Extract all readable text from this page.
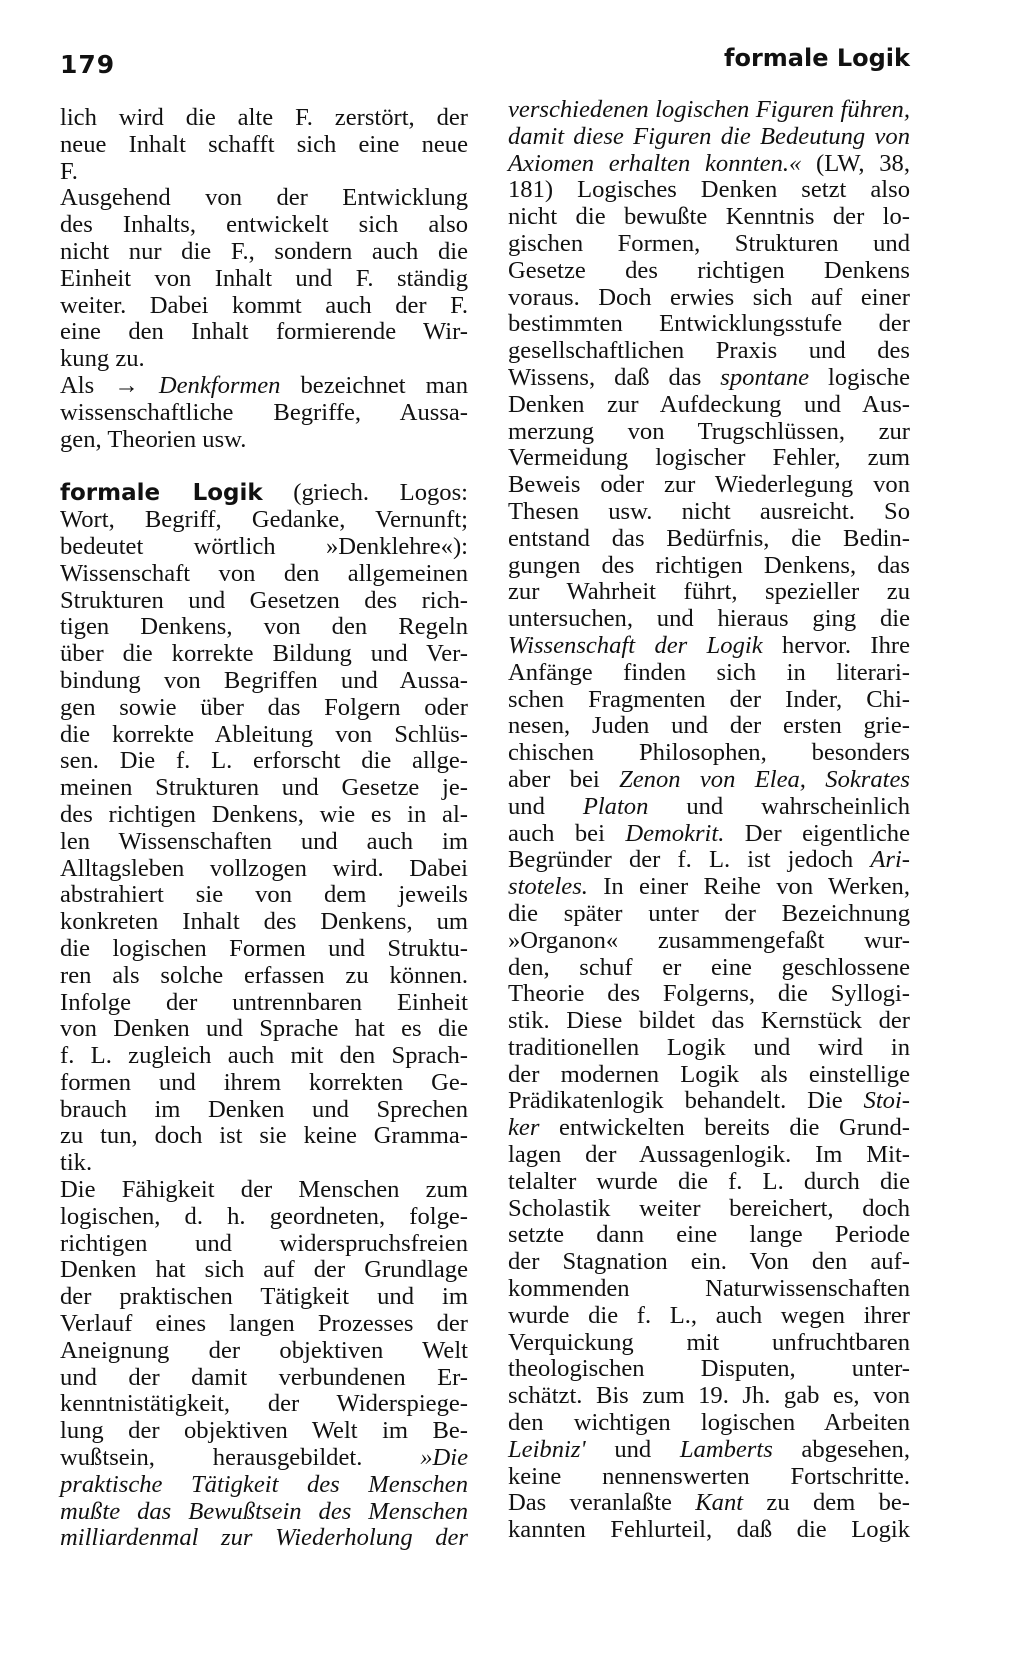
179	formale Logik
lich wird die alte F. zerstört, der
neue Inhalt schafft sich eine neue
F.
Ausgehend von der Entwicklung
des Inhalts, entwickelt sich also
nicht nur die F., sondern auch die
Einheit von Inhalt und F. ständig
weiter. Dabei kommt auch der F.
eine den Inhalt formierende Wir-
kung zu.
Als → Denkformen bezeichnet man
wissenschaftliche Begriffe, Aussa-
gen, Theorien usw.
formale Logik (griech. Logos:
Wort, Begriff, Gedanke, Vernunft;
bedeutet wörtlich »Denklehre«):
Wissenschaft von den allgemeinen
Strukturen und Gesetzen des rich-
tigen Denkens, von den Regeln
über die korrekte Bildung und Ver-
bindung von Begriffen und Aussa-
gen sowie über das Folgern oder
die korrekte Ableitung von Schlüs-
sen. Die f. L. erforscht die allge-
meinen Strukturen und Gesetze je-
des richtigen Denkens, wie es in al-
len Wissenschaften und auch im
Alltagsleben vollzogen wird. Dabei
abstrahiert sie von dem jeweils
konkreten Inhalt des Denkens, um
die logischen Formen und Struktu-
ren als solche erfassen zu können.
Infolge der untrennbaren Einheit
von Denken und Sprache hat es die
f. L. zugleich auch mit den Sprach-
formen und ihrem korrekten Ge-
brauch im Denken und Sprechen
zu tun, doch ist sie keine Gramma-
tik.
Die Fähigkeit der Menschen zum
logischen, d. h. geordneten, folge-
richtigen und widerspruchsfreien
Denken hat sich auf der Grundlage
der praktischen Tätigkeit und im
Verlauf eines langen Prozesses der
Aneignung der objektiven Welt
und der damit verbundenen Er-
kenntnistätigkeit, der Widerspiege-
lung der objektiven Welt im Be-
wußtsein, herausgebildet. »Die
praktische Tätigkeit des Menschen
mußte das Bewußtsein des Menschen
milliardenmal zur Wiederholung der
verschiedenen logischen Figuren führen,
damit diese Figuren die Bedeutung von
Axiomen erhalten konnten.« (LW, 38,
181) Logisches Denken setzt also
nicht die bewußte Kenntnis der lo-
gischen Formen, Strukturen und
Gesetze des richtigen Denkens
voraus. Doch erwies sich auf einer
bestimmten Entwicklungsstufe der
gesellschaftlichen Praxis und des
Wissens, daß das spontane logische
Denken zur Aufdeckung und Aus-
merzung von Trugschlüssen, zur
Vermeidung logischer Fehler, zum
Beweis oder zur Wiederlegung von
Thesen usw. nicht ausreicht. So
entstand das Bedürfnis, die Bedin-
gungen des richtigen Denkens, das
zur Wahrheit führt, spezieller zu
untersuchen, und hieraus ging die
Wissenschaft der Logik hervor. Ihre
Anfänge finden sich in literari-
schen Fragmenten der Inder, Chi-
nesen, Juden und der ersten grie-
chischen Philosophen, besonders
aber bei Zenon von Elea, Sokrates
und Platon und wahrscheinlich
auch bei Demokrit. Der eigentliche
Begründer der f. L. ist jedoch Ari-
stoteles. In einer Reihe von Werken,
die später unter der Bezeichnung
»Organon« zusammengefaßt wur-
den, schuf er eine geschlossene
Theorie des Folgerns, die Syllogi-
stik. Diese bildet das Kernstück der
traditionellen Logik und wird in
der modernen Logik als einstellige
Prädikatenlogik behandelt. Die Stoi-
ker entwickelten bereits die Grund-
lagen der Aussagenlogik. Im Mit-
telalter wurde die f. L. durch die
Scholastik weiter bereichert, doch
setzte dann eine lange Periode
der Stagnation ein. Von den auf-
kommenden Naturwissenschaften
wurde die f. L., auch wegen ihrer
Verquickung mit unfruchtbaren
theologischen Disputen, unter-
schätzt. Bis zum 19. Jh. gab es, von
den wichtigen logischen Arbeiten
Leibniz' und Lamberts abgesehen,
keine nennenswerten Fortschritte.
Das veranlaßte Kant zu dem be-
kannten Fehlurteil, daß die Logik
